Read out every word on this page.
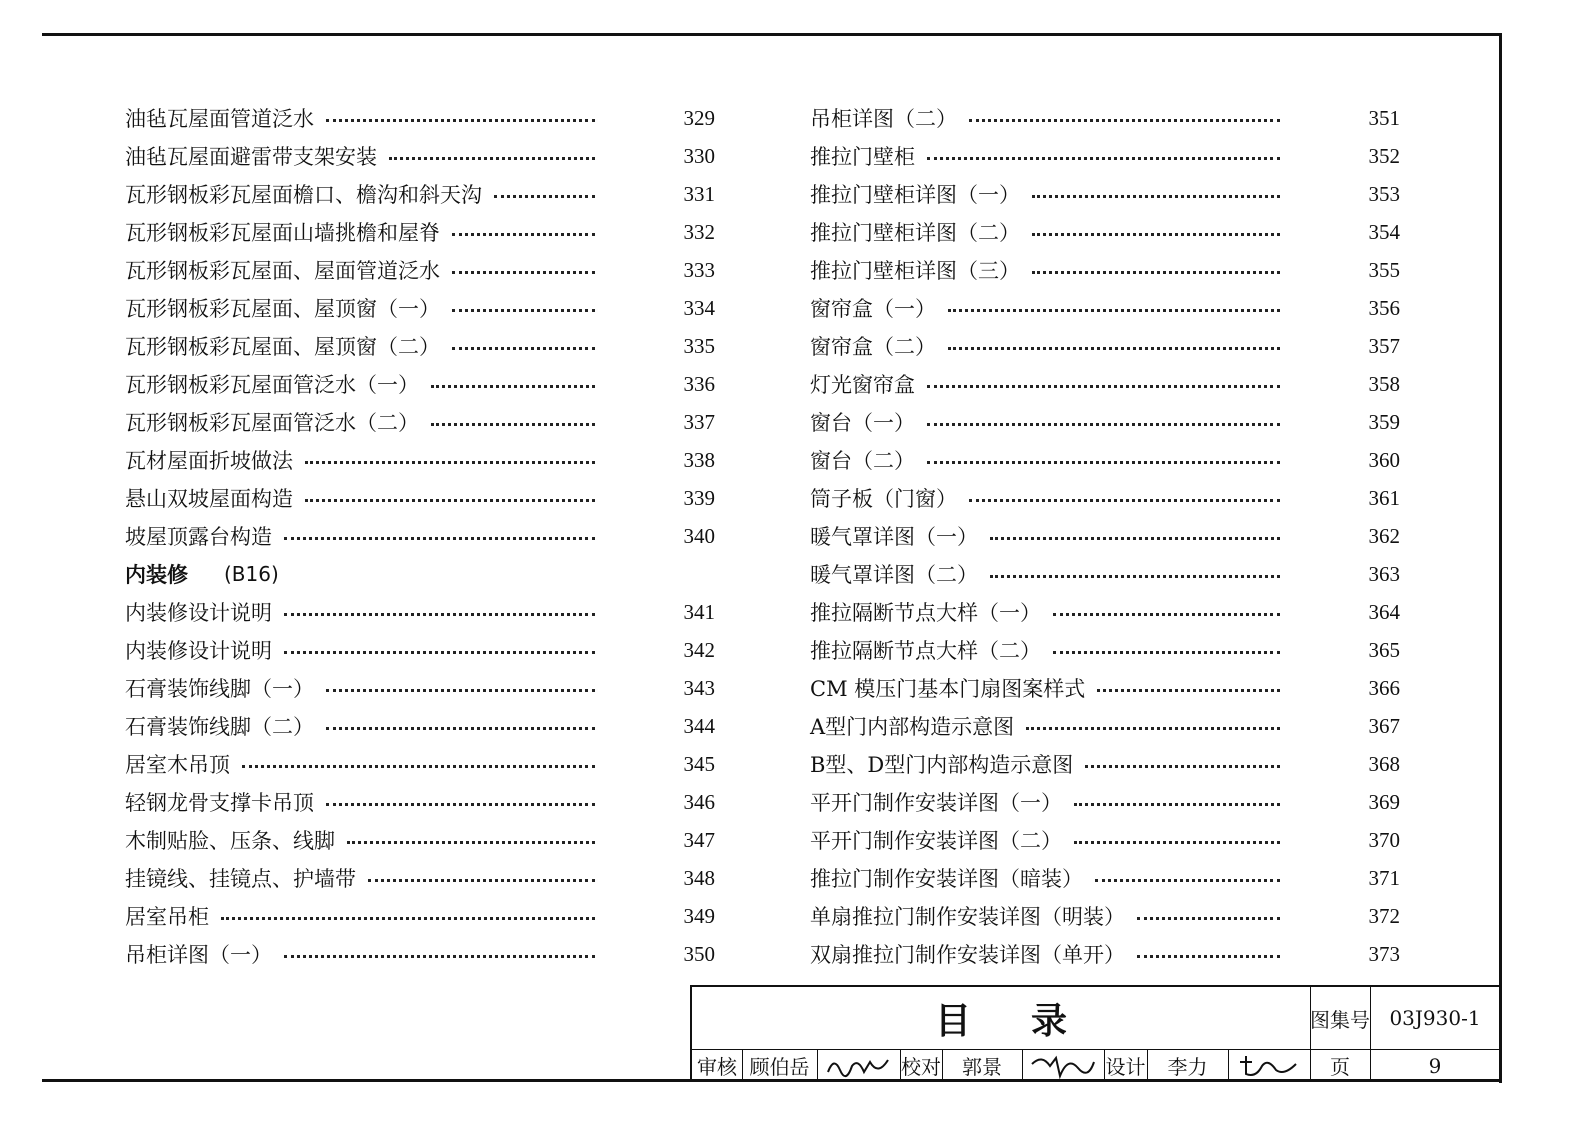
油毡瓦屋面管道泛水	329
油毡瓦屋面避雷带支架安装	330
瓦形钢板彩瓦屋面檐口、檐沟和斜天沟	331
瓦形钢板彩瓦屋面山墙挑檐和屋脊	332
瓦形钢板彩瓦屋面、屋面管道泛水	333
瓦形钢板彩瓦屋面、屋顶窗（一）	334
瓦形钢板彩瓦屋面、屋顶窗（二）	335
瓦形钢板彩瓦屋面管泛水（一）	336
瓦形钢板彩瓦屋面管泛水（二）	337
瓦材屋面折坡做法	338
悬山双坡屋面构造	339
坡屋顶露台构造	340
内装修	(B16)
内装修设计说明	341
内装修设计说明	342
石膏装饰线脚（一）	343
石膏装饰线脚（二）	344
居室木吊顶	345
轻钢龙骨支撑卡吊顶	346
木制贴脸、压条、线脚	347
挂镜线、挂镜点、护墙带	348
居室吊柜	349
吊柜详图（一）	350
吊柜详图（二）	351
推拉门壁柜	352
推拉门壁柜详图（一）	353
推拉门壁柜详图（二）	354
推拉门壁柜详图（三）	355
窗帘盒（一）	356
窗帘盒（二）	357
灯光窗帘盒	358
窗台（一）	359
窗台（二）	360
筒子板（门窗）	361
暖气罩详图（一）	362
暖气罩详图（二）	363
推拉隔断节点大样（一）	364
推拉隔断节点大样（二）	365
CM 模压门基本门扇图案样式	366
A型门内部构造示意图	367
B型、D型门内部构造示意图	368
平开门制作安装详图（一）	369
平开门制作安装详图（二）	370
推拉门制作安装详图（暗装）	371
单扇推拉门制作安装详图（明装）	372
双扇推拉门制作安装详图（单开）	373
目录	图集号 03J930-1
审核 顾伯岳	校对	郭景	设计	李力	页	9
